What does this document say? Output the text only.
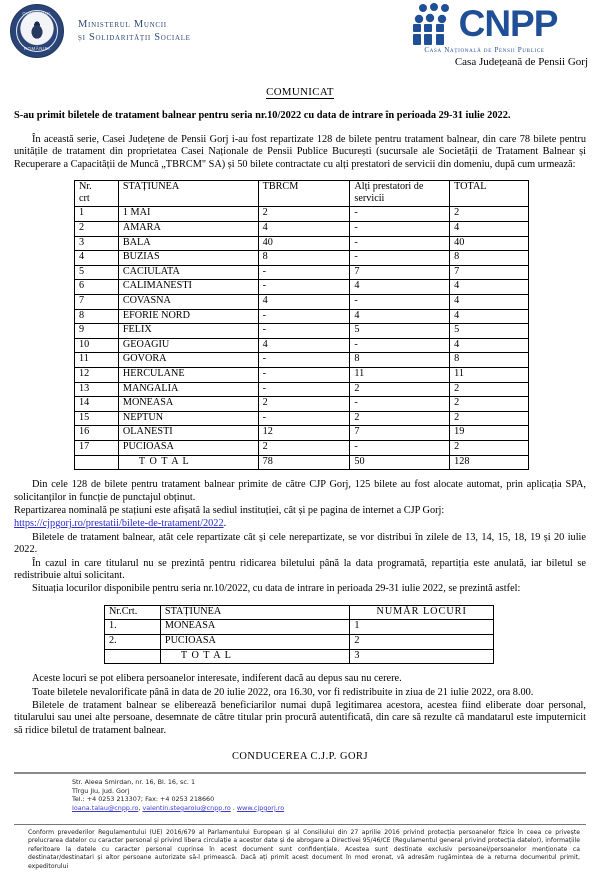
GUVERNUL
ROMÂNIEI
Ministerul Muncii
și Solidarității Sociale	CNPP
Casa Națională de Pensii Publice
Casa Județeană de Pensii Gorj
COMUNICAT
S-au primit biletele de tratament balnear pentru seria nr.10/2022 cu data de intrare în perioada 29-31 iulie 2022.

În această serie, Casei Județene de Pensii Gorj i-au fost repartizate 128 de bilete pentru tratament balnear, din care 78 bilete pentru unitățile de tratament din proprietatea Casei Naționale de Pensii Publice București (sucursale ale Societății de Tratament Balnear și Recuperare a Capacității de Muncă „TBRCM" SA) și 50 bilete contractate cu alți prestatori de servicii din domeniu, după cum urmează:

Nr.
crt	STAȚIUNEA	TBRCM	Alți prestatori de servicii	TOTAL
1	1 MAI	2	-	2
2	AMARA	4	-	4
3	BALA	40	-	40
4	BUZIAS	8	-	8
5	CACIULATA	-	7	7
6	CALIMANESTI	-	4	4
7	COVASNA	4	-	4
8	EFORIE NORD	-	4	4
9	FELIX	-	5	5
10	GEOAGIU	4	-	4
11	GOVORA	-	8	8
12	HERCULANE	-	11	11
13	MANGALIA	-	2	2
14	MONEASA	2	-	2
15	NEPTUN	-	2	2
16	OLANESTI	12	7	19
17	PUCIOASA	2	-	2
	T O T A L	78	50	128

Din cele 128 de bilete pentru tratament balnear primite de către CJP Gorj, 125 bilete au fost alocate automat, prin aplicația SPA, solicitanților in funcție de punctajul obținut.

Repartizarea nominală pe stațiuni este afișată la sediul instituției, cât și pe pagina de internet a CJP Gorj:

https://cjpgorj.ro/prestatii/bilete-de-tratament/2022.

Biletele de tratament balnear, atât cele repartizate cât și cele nerepartizate, se vor distribui în zilele de 13, 14, 15, 18, 19 și 20 iulie 2022.

În cazul in care titularul nu se prezintă pentru ridicarea biletului până la data programată, repartiția este anulată, iar biletul se redistribuie altui solicitant.

Situația locurilor disponibile pentru seria nr.10/2022, cu data de intrare in perioada 29-31 iulie 2022, se prezintă astfel:

Nr.Crt.	STAȚIUNEA	NUMĂR LOCURI
1.	MONEASA	1
2.	PUCIOASA	2
	T O T A L	3

Aceste locuri se pot elibera persoanelor interesate, indiferent dacă au depus sau nu cerere.

Toate biletele nevalorificate până in data de 20 iulie 2022, ora 16.30, vor fi redistribuite in ziua de 21 iulie 2022, ora 8.00.

Biletele de tratament balnear se eliberează beneficiarilor numai după legitimarea acestora, acestea fiind eliberate doar personal, titularului sau unei alte persoane, desemnate de către titular prin procură autentificată, din care să rezulte că mandatarul este imputernicit să ridice biletul de tratament balnear.

CONDUCEREA C.J.P. GORJ
Str. Aleea Smirdan, nr. 16, Bl. 16, sc. 1
Tîrgu Jiu, jud. Gorj
Tel.: +4 0253 213307; Fax: +4 0253 218660
Ioana.talau@cnpp.ro, valentin.stegaroiu@cnpp.ro . www.cjpgorj.ro
Conform prevederilor Regulamentului (UE) 2016/679 al Parlamentului European și al Consiliului din 27 aprilie 2016 privind protecția persoanelor fizice în ceea ce privește prelucrarea datelor cu caracter personal și privind libera circulație a acestor date și de abrogare a Directivei 95/46/CE (Regulamentul general privind protecția datelor), informațiile referitoare la datele cu caracter personal cuprinse în acest document sunt confidențiale. Acestea sunt destinate exclusiv persoanei/persoanelor menționate ca destinatar/destinatari și altor persoane autorizate să-l primească. Dacă ați primit acest document în mod eronat, vă adresăm rugămintea de a returna documentul primit, expeditorului
